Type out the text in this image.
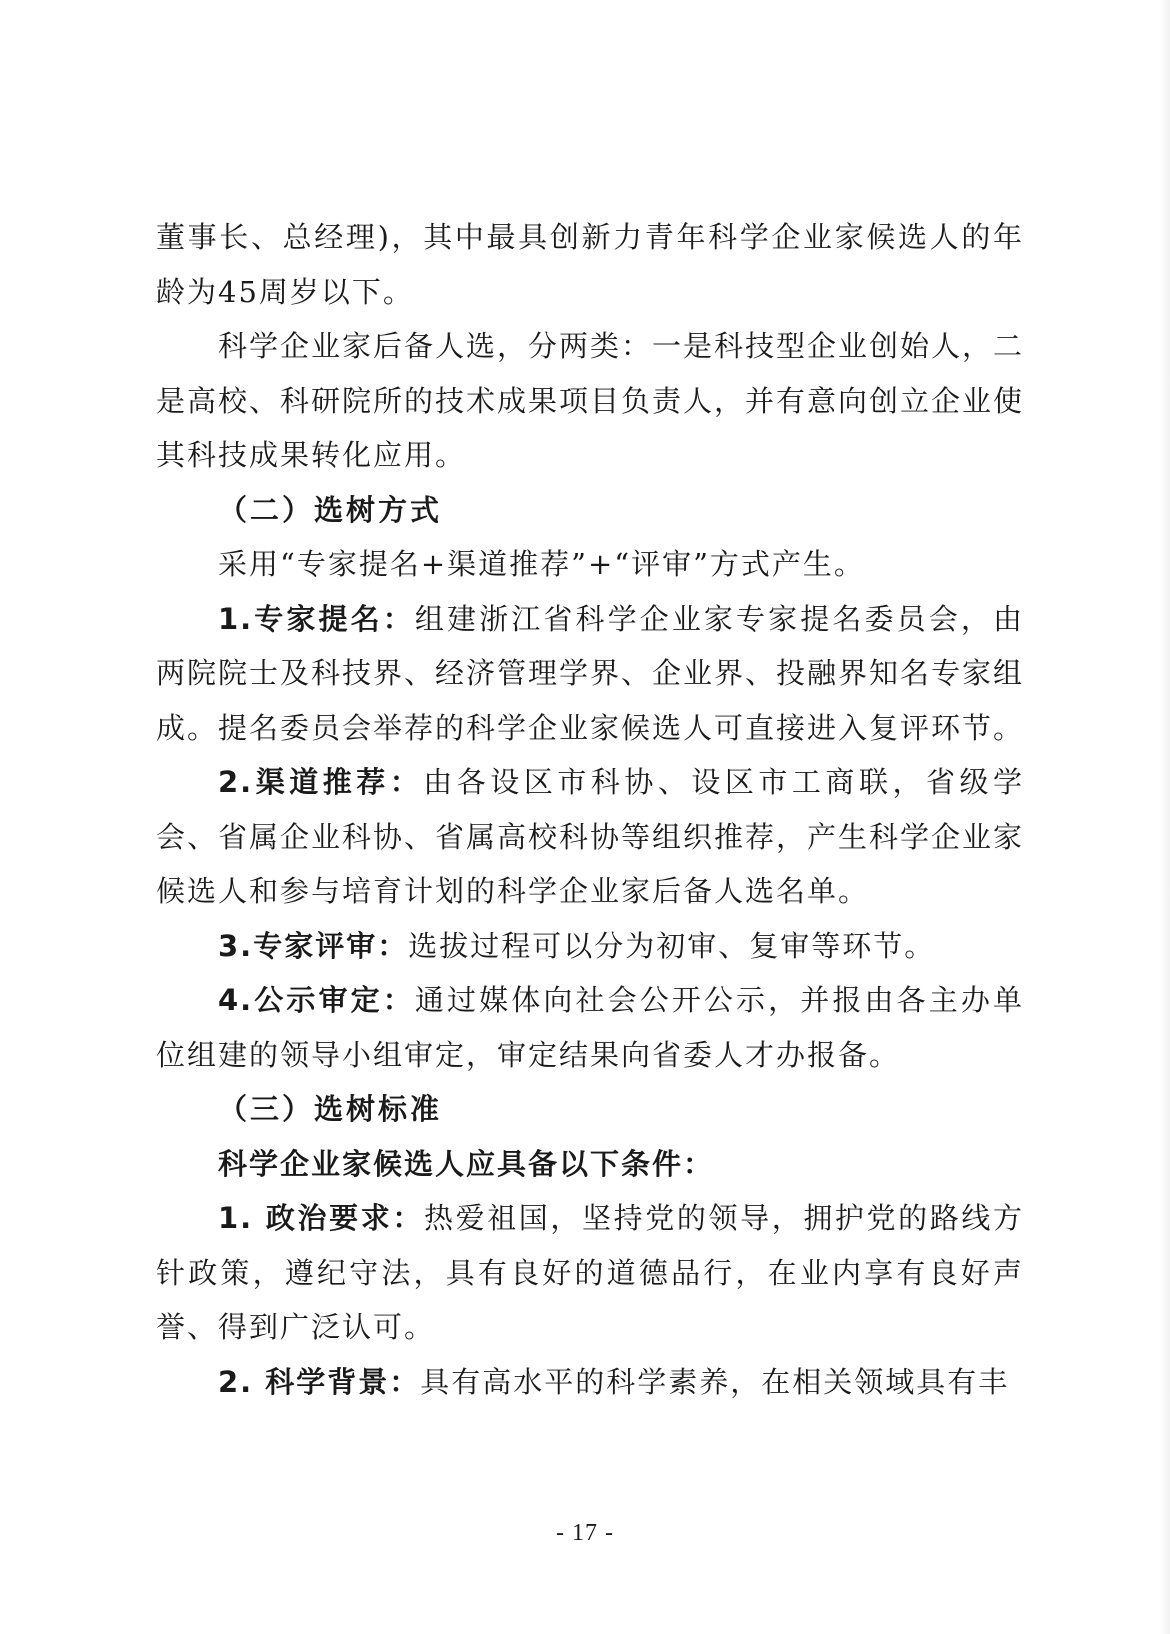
董事长、总经理)，其中最具创新力青年科学企业家候选人的年龄为45周岁以下。

科学企业家后备人选，分两类：一是科技型企业创始人，二是高校、科研院所的技术成果项目负责人，并有意向创立企业使其科技成果转化应用。

（二）选树方式

采用“专家提名+渠道推荐”+“评审”方式产生。

1.专家提名：组建浙江省科学企业家专家提名委员会，由两院院士及科技界、经济管理学界、企业界、投融界知名专家组成。提名委员会举荐的科学企业家候选人可直接进入复评环节。

2.渠道推荐：由各设区市科协、设区市工商联，省级学会、省属企业科协、省属高校科协等组织推荐，产生科学企业家候选人和参与培育计划的科学企业家后备人选名单。

3.专家评审：选拔过程可以分为初审、复审等环节。

4.公示审定：通过媒体向社会公开公示，并报由各主办单位组建的领导小组审定，审定结果向省委人才办报备。

（三）选树标准

科学企业家候选人应具备以下条件：

1. 政治要求：热爱祖国，坚持党的领导，拥护党的路线方针政策，遵纪守法，具有良好的道德品行，在业内享有良好声誉、得到广泛认可。

2. 科学背景：具有高水平的科学素养，在相关领域具有丰

- 17 -
